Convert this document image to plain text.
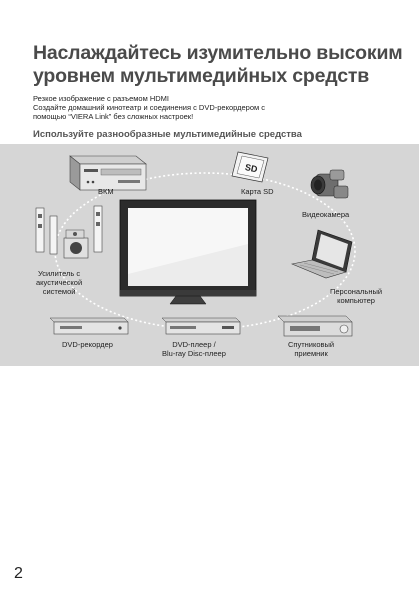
Наслаждайтесь изумительно высоким
уровнем мультимедийных средств
Резкое изображение с разъемом HDMI
Создайте домашний кинотеатр и соединения с DVD-рекордером с
помощью “VIERA Link” без сложных настроек!
Используйте разнообразные мультимедийные средства
SD
ВКМ	Карта SD
Видеокамера
Усилитель с
акустической
системой	Персональный
компьютер
DVD-рекордер	DVD-плеер /
Blu-ray Disc-плеер
Спутниковый
приемник
2
